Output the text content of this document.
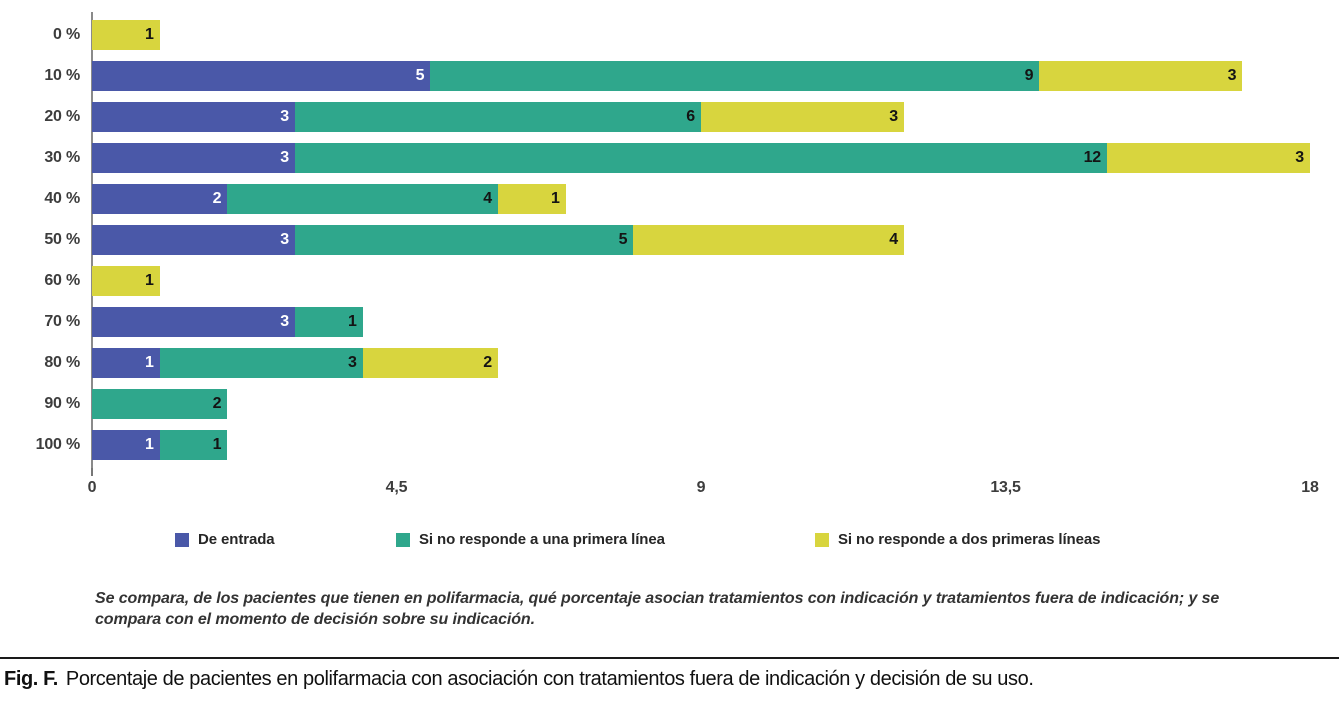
0 %	1
10 %	5	9	3
20 %	3	6	3
30 %	3	12	3
40 %	2	4	1
50 %	3	5	4
60 %	1
70 %	3	1
80 %	1	3	2
90 %	2
100 %	1	1
0	4,5	9	13,5	18
De entrada	Si no responde a una primera línea	Si no responde a dos primeras líneas
Se compara, de los pacientes que tienen en polifarmacia, qué porcentaje asocian tratamientos con indicación y tratamientos fuera de indicación; y se compara con el momento de decisión sobre su indicación.
Fig. F. Porcentaje de pacientes en polifarmacia con asociación con tratamientos fuera de indicación y decisión de su uso.
